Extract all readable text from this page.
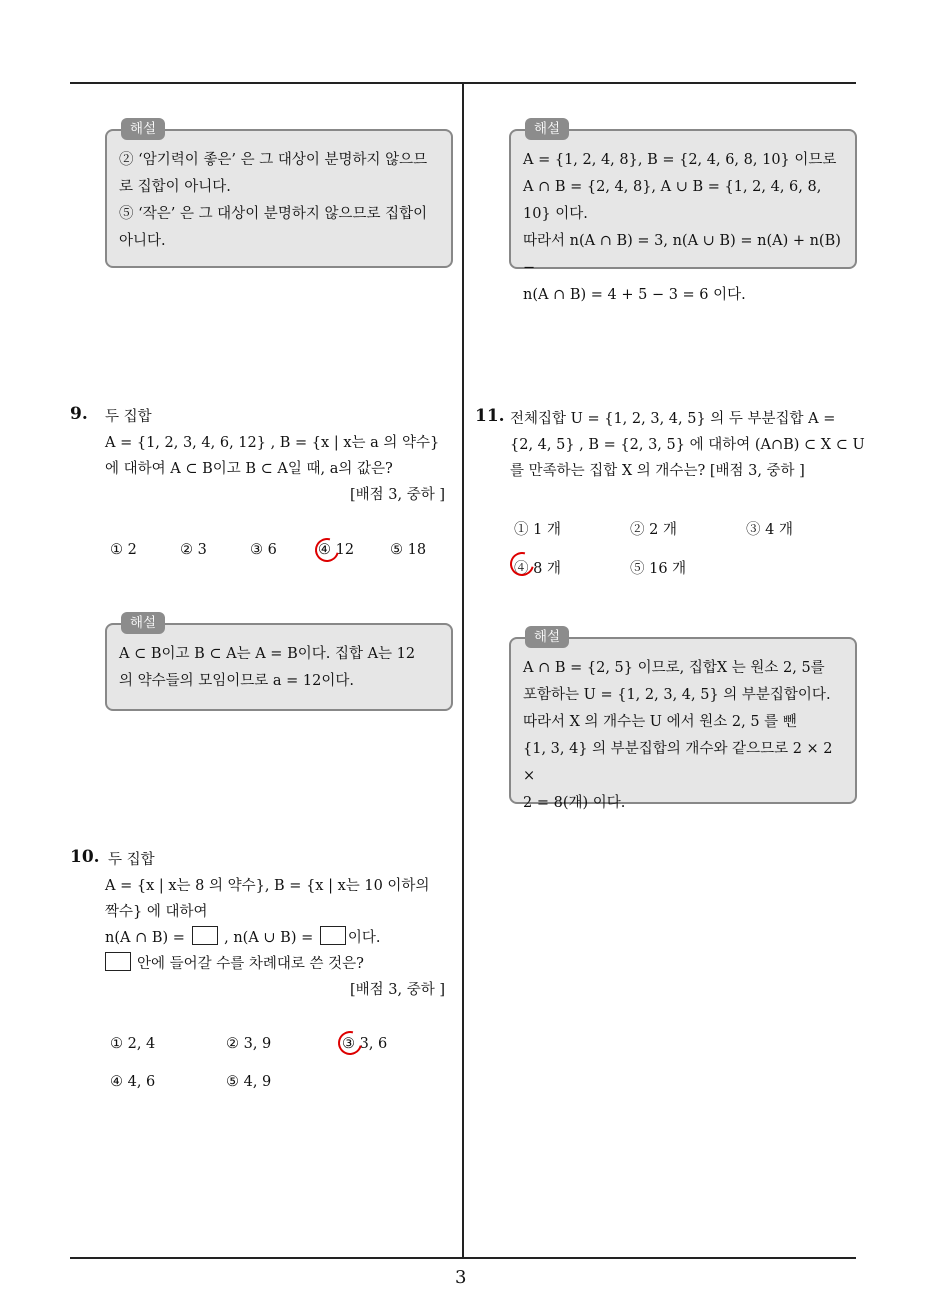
3
해설

② ‘암기력이 좋은’ 은 그 대상이 분명하지 않으므

로 집합이 아니다.

⑤ ‘작은’ 은 그 대상이 분명하지 않으므로 집합이

아니다.

9. 두 집합
A = {1, 2, 3, 4, 6, 12} , B = {x | x는 a 의 약수}
에 대하여 A ⊂ B이고 B ⊂ A일 때, a의 값은?
[배점 3, 중하 ]
① 2	② 3	③ 6	④ 12 ⑤ 18
해설

A ⊂ B이고 B ⊂ A는 A = B이다. 집합 A는 12

의 약수들의 모임이므로 a = 12이다.

10. 두 집합
A = {x | x는 8 의 약수}, B = {x | x는 10 이하의
짝수} 에 대하여
n(A ∩ B) =	, n(A ∪ B) = 이다.
안에 들어갈 수를 차례대로 쓴 것은?
[배점 3, 중하 ]
① 2, 4	② 3, 9	③ 3, 6
④ 4, 6	⑤ 4, 9
해설

A = {1, 2, 4, 8}, B = {2, 4, 6, 8, 10} 이므로

A ∩ B = {2, 4, 8}, A ∪ B = {1, 2, 4, 6, 8, 10} 이다.

따라서 n(A ∩ B) = 3, n(A ∪ B) = n(A) + n(B) −

n(A ∩ B) = 4 + 5 − 3 = 6 이다.

11. 전체집합 U = {1, 2, 3, 4, 5} 의 두 부분집합 A =
{2, 4, 5} , B = {2, 3, 5} 에 대하여 (A∩B) ⊂ X ⊂ U
를 만족하는 집합 X 의 개수는? [배점 3, 중하 ]
① 1 개	② 2 개	③ 4 개
④ 8 개	⑤ 16 개
해설

A ∩ B = {2, 5} 이므로, 집합X 는 원소 2, 5를

포함하는 U = {1, 2, 3, 4, 5} 의 부분집합이다.

따라서 X 의 개수는 U 에서 원소 2, 5 를 뺀

{1, 3, 4} 의 부분집합의 개수와 같으므로 2 × 2 ×

2 = 8(개) 이다.
